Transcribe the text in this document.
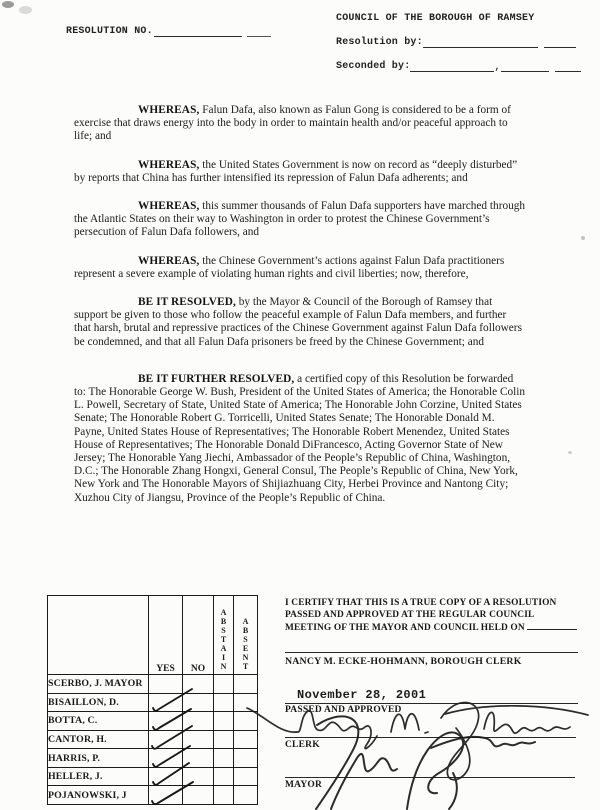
RESOLUTION NO.
COUNCIL OF THE BOROUGH OF RAMSEY
Resolution by:
Seconded by:	,

WHEREAS, Falun Dafa, also known as Falun Gong is considered to be a form of exercise that draws energy into the body in order to maintain health and/or peaceful approach to life; and

WHEREAS, the United States Government is now on record as “deeply disturbed” by reports that China has further intensified its repression of Falun Dafa adherents; and

WHEREAS, this summer thousands of Falun Dafa supporters have marched through the Atlantic States on their way to Washington in order to protest the Chinese Government’s persecution of Falun Dafa followers, and

WHEREAS, the Chinese Government’s actions against Falun Dafa practitioners represent a severe example of violating human rights and civil liberties; now, therefore,

BE IT RESOLVED, by the Mayor & Council of the Borough of Ramsey that support be given to those who follow the peaceful example of Falun Dafa members, and further that harsh, brutal and repressive practices of the Chinese Government against Falun Dafa followers be condemned, and that all Falun Dafa prisoners be freed by the Chinese Government; and

BE IT FURTHER RESOLVED, a certified copy of this Resolution be forwarded to: The Honorable George W. Bush, President of the United States of America; the Honorable Colin L. Powell, Secretary of State, United State of America; The Honorable John Corzine, United States Senate; The Honorable Robert G. Torricelli, United States Senate; The Honorable Donald M. Payne, United States House of Representatives; The Honorable Robert Menendez, United States House of Representatives; The Honorable Donald DiFrancesco, Acting Governor State of New Jersey; The Honorable Yang Jiechi, Ambassador of the People’s Republic of China, Washington, D.C.; The Honorable Zhang Hongxi, General Consul, The People’s Republic of China, New York, New York and The Honorable Mayors of Shijiazhuang City, Herbei Province and Nantong City; Xuzhou City of Jiangsu, Province of the People’s Republic of China.

	YES	NO	ABSTAIN	ABSENT
SCERBO, J. MAYOR				
BISAILLON, D.				
BOTTA, C.				
CANTOR, H.				
HARRIS, P.				
HELLER, J.				
POJANOWSKI, J				
I CERTIFY THAT THIS IS A TRUE COPY OF A RESOLUTION
PASSED AND APPROVED AT THE REGULAR COUNCIL
MEETING OF THE MAYOR AND COUNCIL HELD ON
NANCY M. ECKE-HOHMANN, BOROUGH CLERK
November 28, 2001
PASSED AND APPROVED
CLERK
MAYOR
